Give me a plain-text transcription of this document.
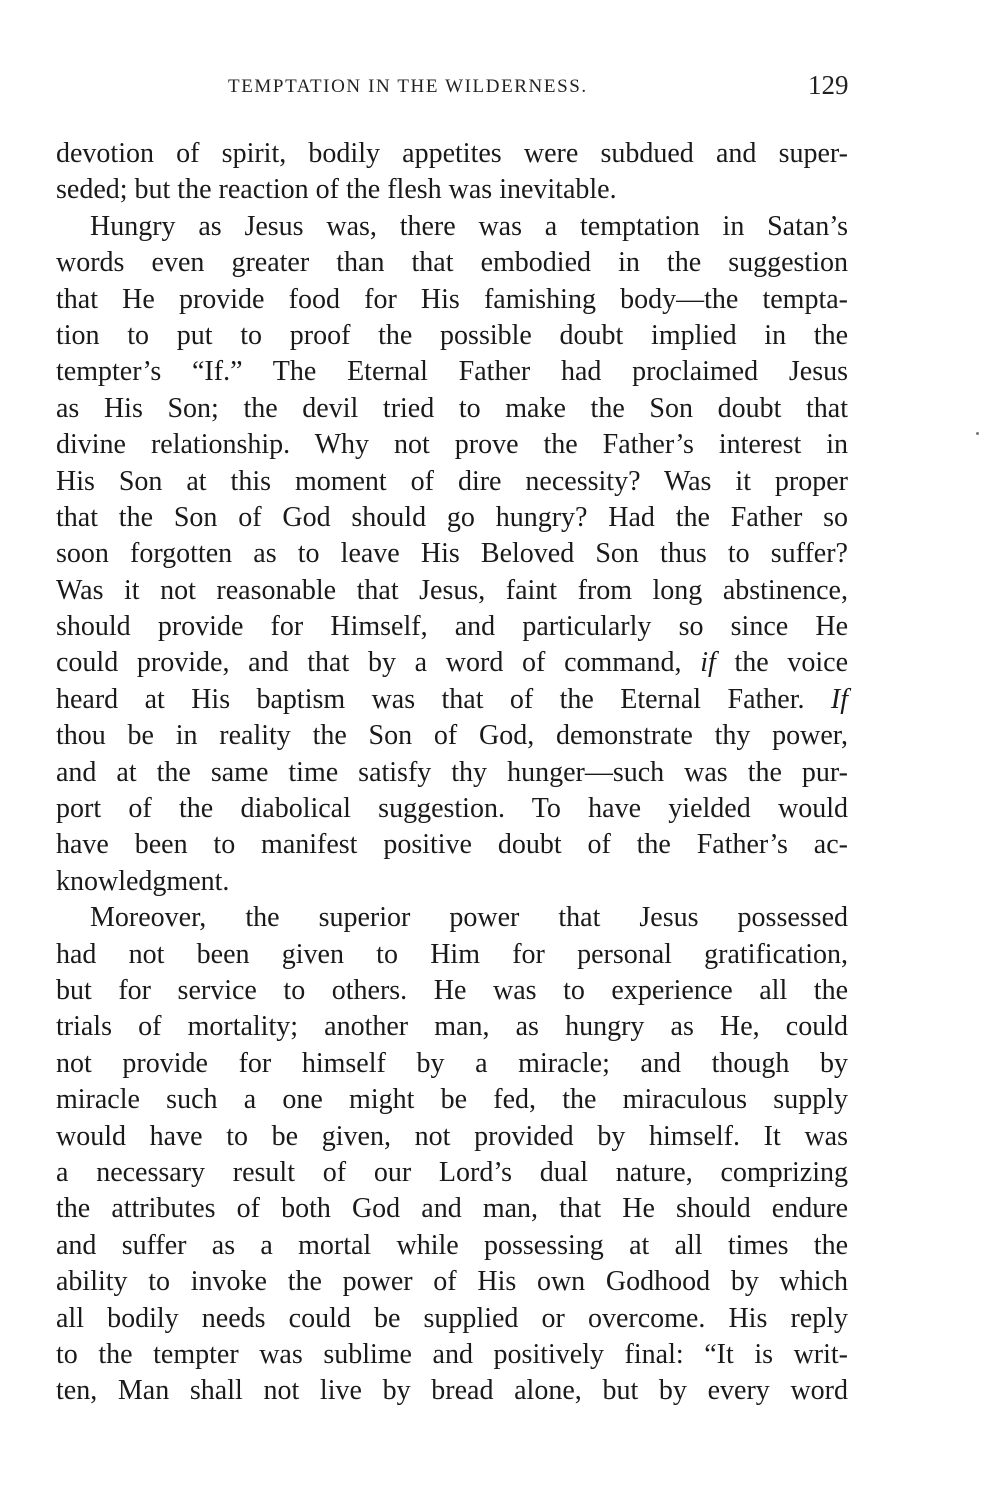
TEMPTATION IN THE WILDERNESS.	129
devotion of spirit, bodily appetites were subdued and super-
seded; but the reaction of the flesh was inevitable.
Hungry as Jesus was, there was a temptation in Satan’s
words even greater than that embodied in the suggestion
that He provide food for His famishing body—the tempta-
tion to put to proof the possible doubt implied in the
tempter’s “If.” The Eternal Father had proclaimed Jesus
as His Son; the devil tried to make the Son doubt that
divine relationship. Why not prove the Father’s interest in
His Son at this moment of dire necessity? Was it proper
that the Son of God should go hungry? Had the Father so
soon forgotten as to leave His Beloved Son thus to suffer?
Was it not reasonable that Jesus, faint from long abstinence,
should provide for Himself, and particularly so since He
could provide, and that by a word of command, if the voice
heard at His baptism was that of the Eternal Father. If
thou be in reality the Son of God, demonstrate thy power,
and at the same time satisfy thy hunger—such was the pur-
port of the diabolical suggestion. To have yielded would
have been to manifest positive doubt of the Father’s ac-
knowledgment.
Moreover, the superior power that Jesus possessed
had not been given to Him for personal gratification,
but for service to others. He was to experience all the
trials of mortality; another man, as hungry as He, could
not provide for himself by a miracle; and though by
miracle such a one might be fed, the miraculous supply
would have to be given, not provided by himself. It was
a necessary result of our Lord’s dual nature, comprizing
the attributes of both God and man, that He should endure
and suffer as a mortal while possessing at all times the
ability to invoke the power of His own Godhood by which
all bodily needs could be supplied or overcome. His reply
to the tempter was sublime and positively final: “It is writ-
ten, Man shall not live by bread alone, but by every word
